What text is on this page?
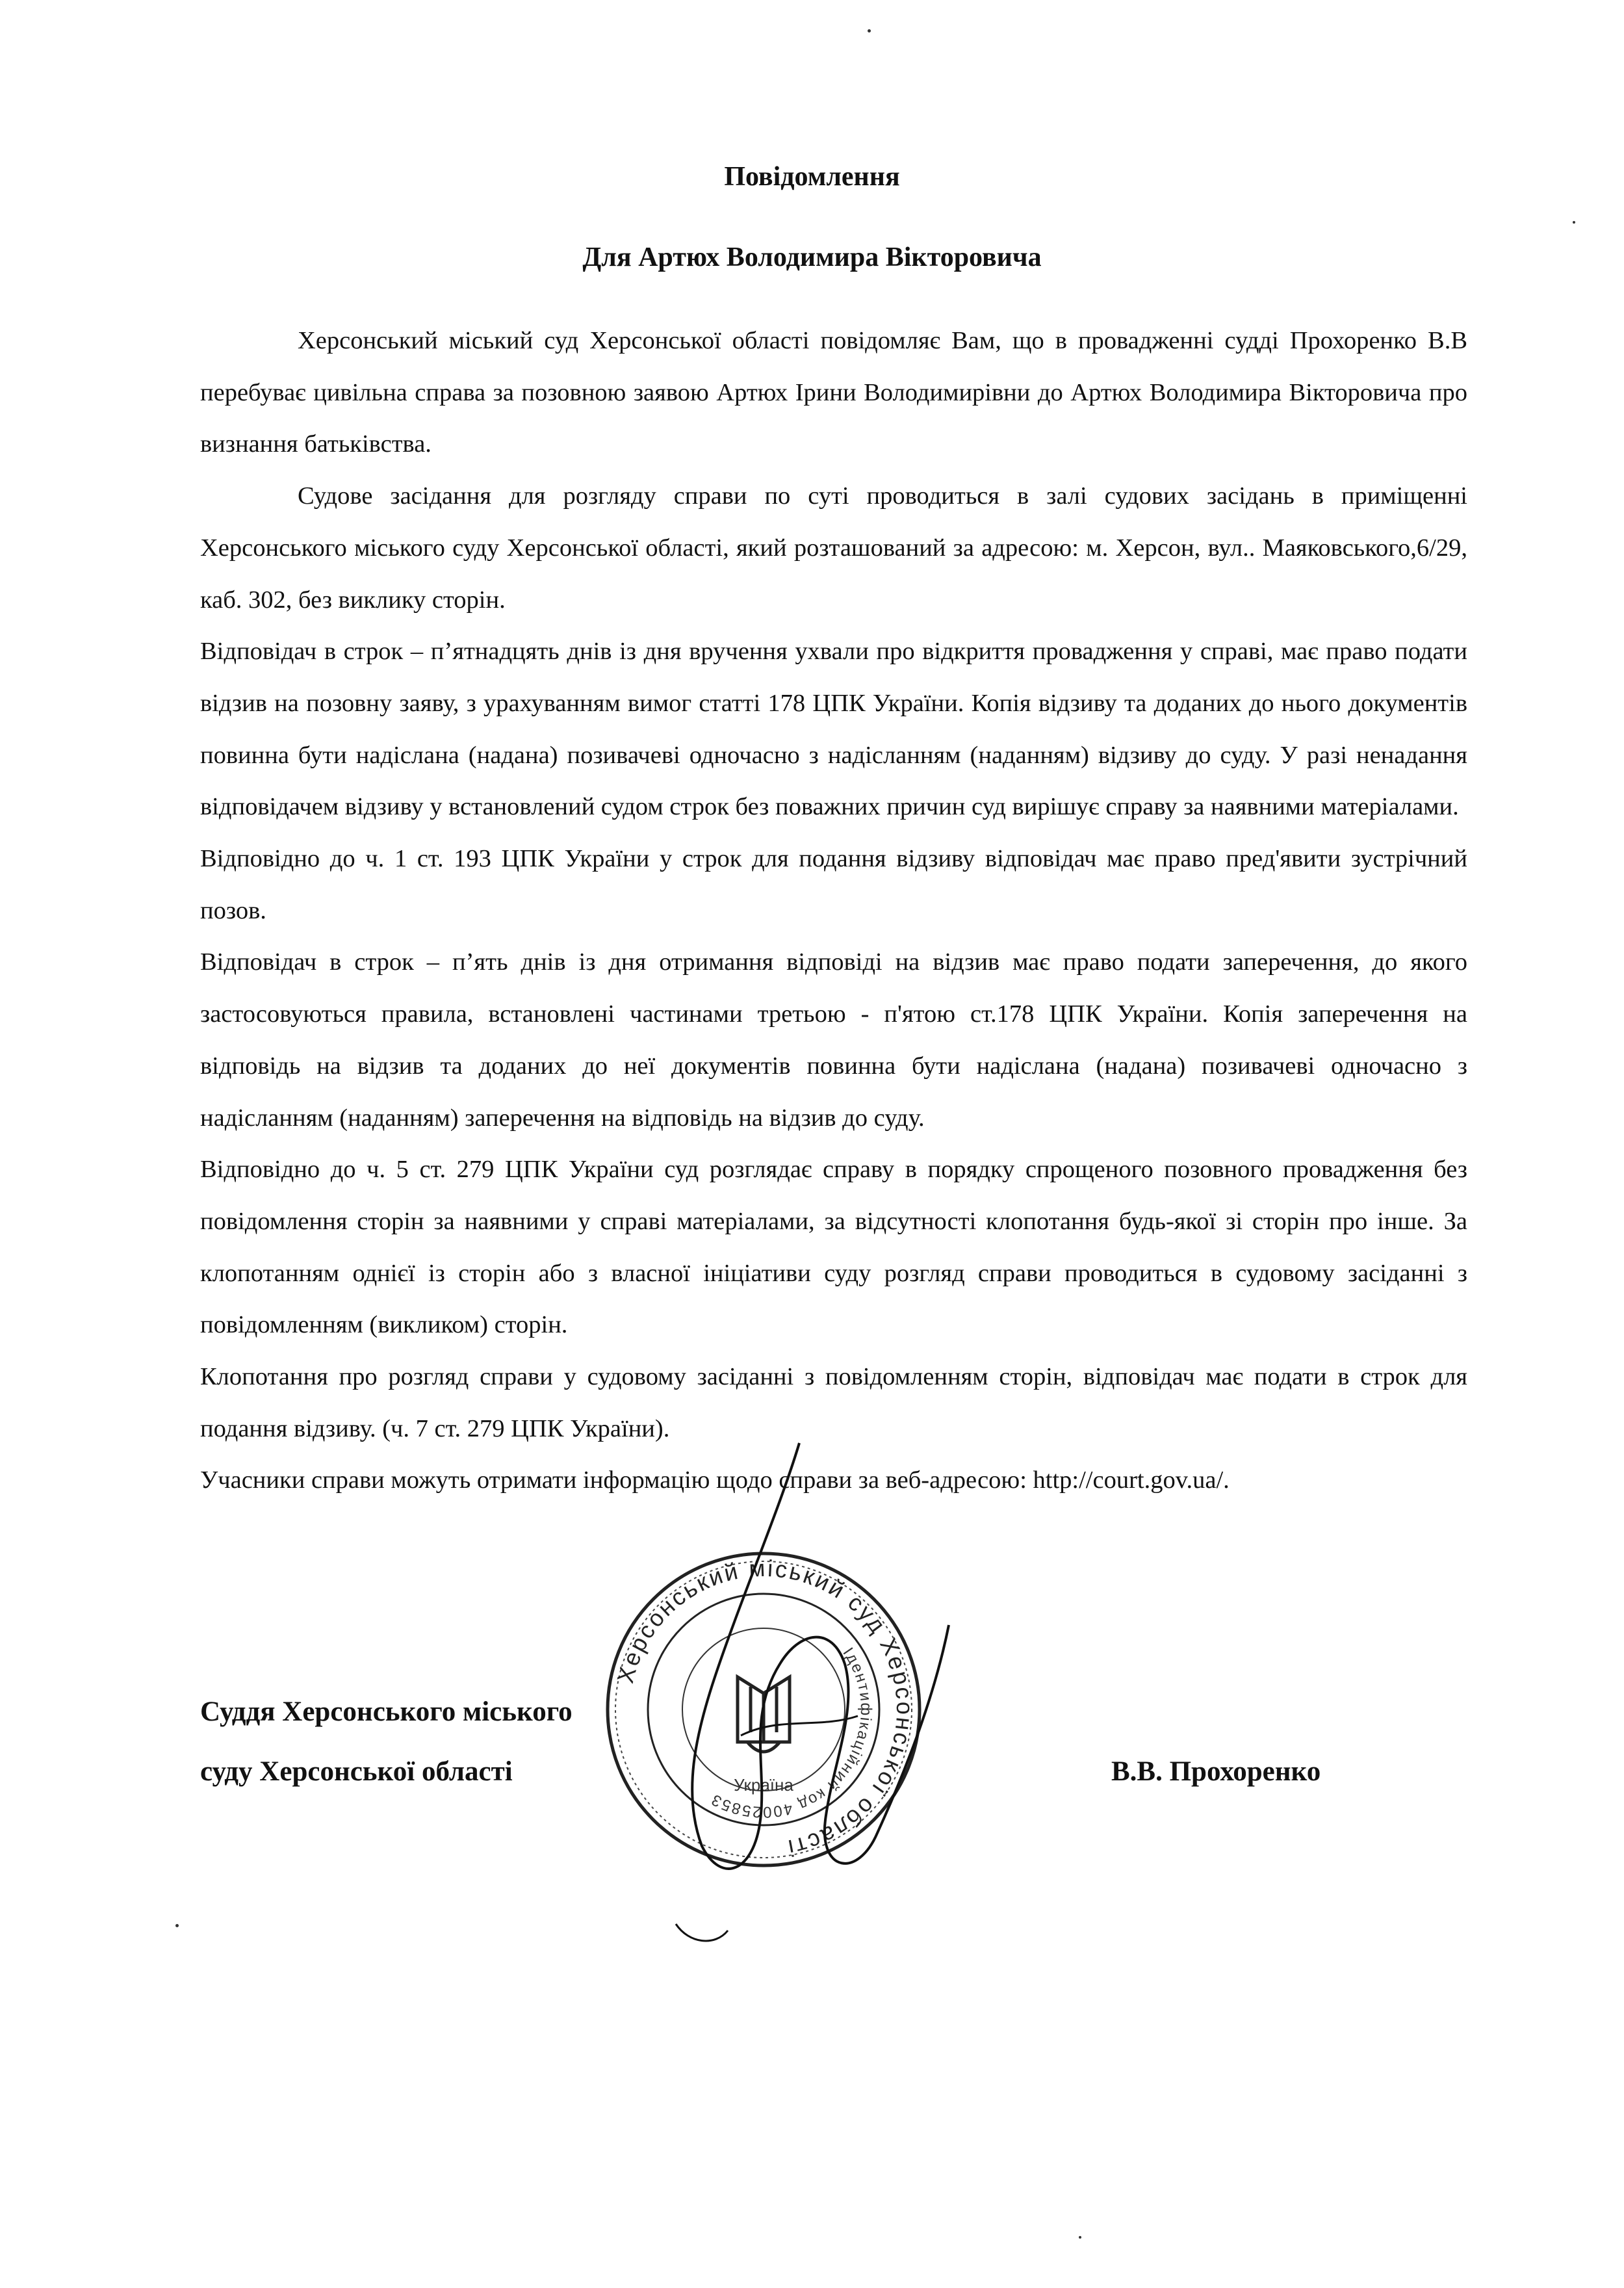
Повідомлення
Для Артюх Володимира Вікторовича

Херсонський міський суд Херсонської області повідомляє Вам, що в провадженні судді Прохоренко В.В перебуває цивільна справа за позовною заявою Артюх Ірини Володимирівни до Артюх Володимира Вікторовича про визнання батьківства.

Судове засідання для розгляду справи по суті проводиться в залі судових засідань в приміщенні Херсонського міського суду Херсонської області, який розташований за адресою: м. Херсон, вул.. Маяковського,6/29, каб. 302, без виклику сторін.

Відповідач в строк – п’ятнадцять днів із дня вручення ухвали про відкриття провадження у справі, має право подати відзив на позовну заяву, з урахуванням вимог статті 178 ЦПК України. Копія відзиву та доданих до нього документів повинна бути надіслана (надана) позивачеві одночасно з надісланням (наданням) відзиву до суду. У разі ненадання відповідачем відзиву у встановлений судом строк без поважних причин суд вирішує справу за наявними матеріалами.

Відповідно до ч. 1 ст. 193 ЦПК України у строк для подання відзиву відповідач має право пред'явити зустрічний позов.

Відповідач в строк – п’ять днів із дня отримання відповіді на відзив має право подати заперечення, до якого застосовуються правила, встановлені частинами третьою - п'ятою ст.178 ЦПК України. Копія заперечення на відповідь на відзив та доданих до неї документів повинна бути надіслана (надана) позивачеві одночасно з надісланням (наданням) заперечення на відповідь на відзив до суду.

Відповідно до ч. 5 ст. 279 ЦПК України суд розглядає справу в порядку спрощеного позовного провадження без повідомлення сторін за наявними у справі матеріалами, за відсутності клопотання будь-якої зі сторін про інше. За клопотанням однієї із сторін або з власної ініціативи суду розгляд справи проводиться в судовому засіданні з повідомленням (викликом) сторін.

Клопотання про розгляд справи у судовому засіданні з повідомленням сторін, відповідач має подати в строк для подання відзиву. (ч. 7 ст. 279 ЦПК України).

Учасники справи можуть отримати інформацію щодо справи за веб-адресою: http://court.gov.ua/.

Суддя Херсонського міського
суду Херсонської області	В.В. Прохоренко
Херсонський міський суд Херсонської області
Ідентифікаційний код 40025853
Україна
